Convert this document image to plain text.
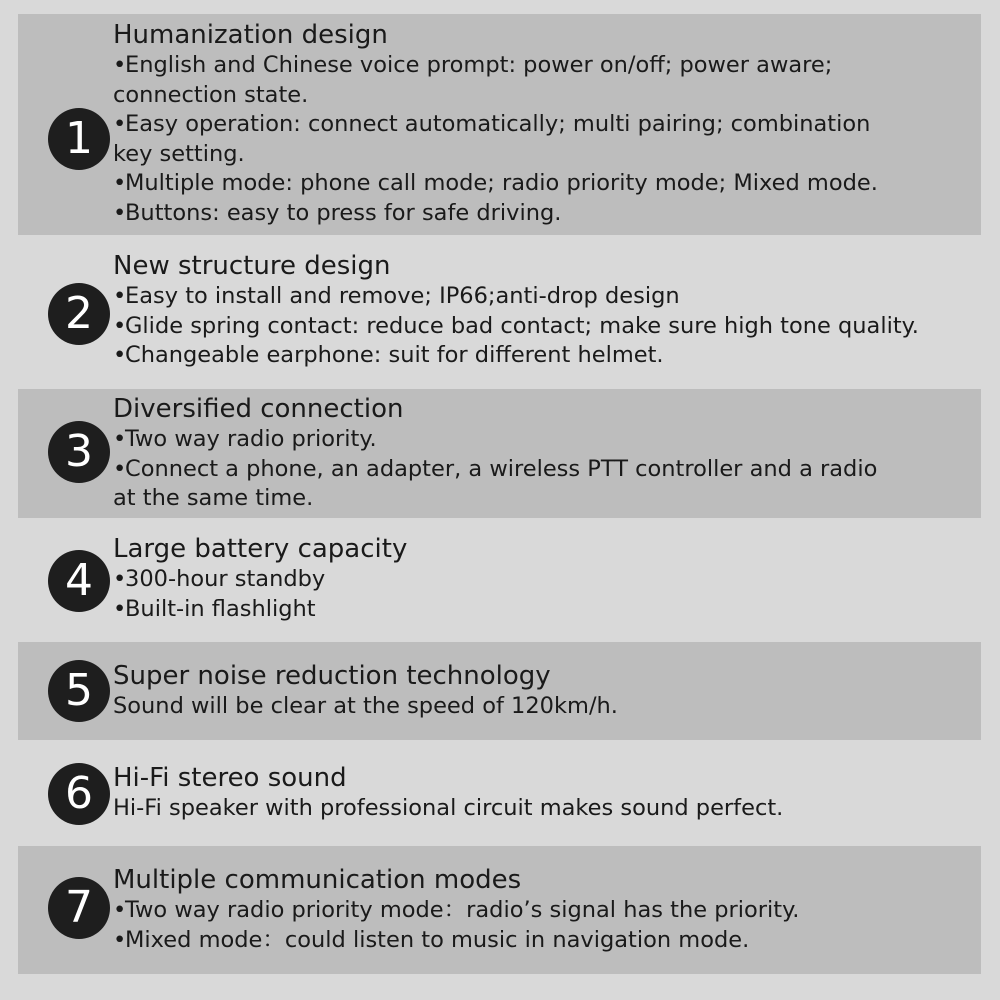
1
Humanization design
• English and Chinese voice prompt: power on/off; power aware;
connection state.
• Easy operation: connect automatically; multi pairing; combination
key setting.
• Multiple mode: phone call mode; radio priority mode; Mixed mode.
• Buttons: easy to press for safe driving.
2
New structure design
• Easy to install and remove; IP66;anti-drop design
• Glide spring contact: reduce bad contact; make sure high tone quality.
• Changeable earphone: suit for different helmet.
3
Diversified connection
• Two way radio priority.
• Connect a phone, an adapter, a wireless PTT controller and a radio
at the same time.
4
Large battery capacity
• 300-hour standby
• Built-in flashlight
5 Super noise reduction technology
Sound will be clear at the speed of 120km/h.
6 Hi-Fi stereo sound
Hi-Fi speaker with professional circuit makes sound perfect.
7
Multiple communication modes
• Two way radio priority mode：radio’s signal has the priority.
• Mixed mode：could listen to music in navigation mode.
